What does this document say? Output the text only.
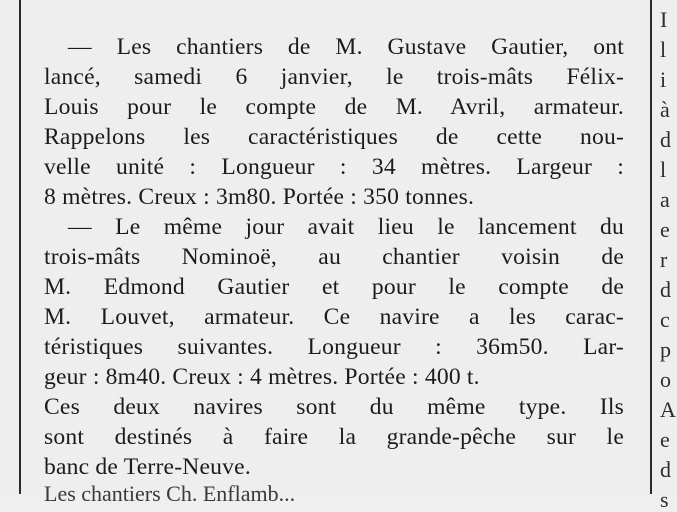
— Les chantiers de M. Gustave Gautier, ont
lancé, samedi 6 janvier, le trois-mâts Félix-
Louis pour le compte de M. Avril, armateur.
Rappelons les caractéristiques de cette nou-
velle unité : Longueur : 34 mètres. Largeur :
8 mètres. Creux : 3m80. Portée : 350 tonnes.
— Le même jour avait lieu le lancement du
trois-mâts Nominoë, au chantier voisin de
M. Edmond Gautier et pour le compte de
M. Louvet, armateur. Ce navire a les carac-
téristiques suivantes. Longueur : 36m50. Lar-
geur : 8m40. Creux : 4 mètres. Portée : 400 t.
Ces deux navires sont du même type. Ils
sont destinés à faire la grande-pêche sur le
banc de Terre-Neuve.
Les chantiers Ch. Enflamb...
I
l
i
à
d
l
a
e
r
d
c
p
o
A
e
d
s
